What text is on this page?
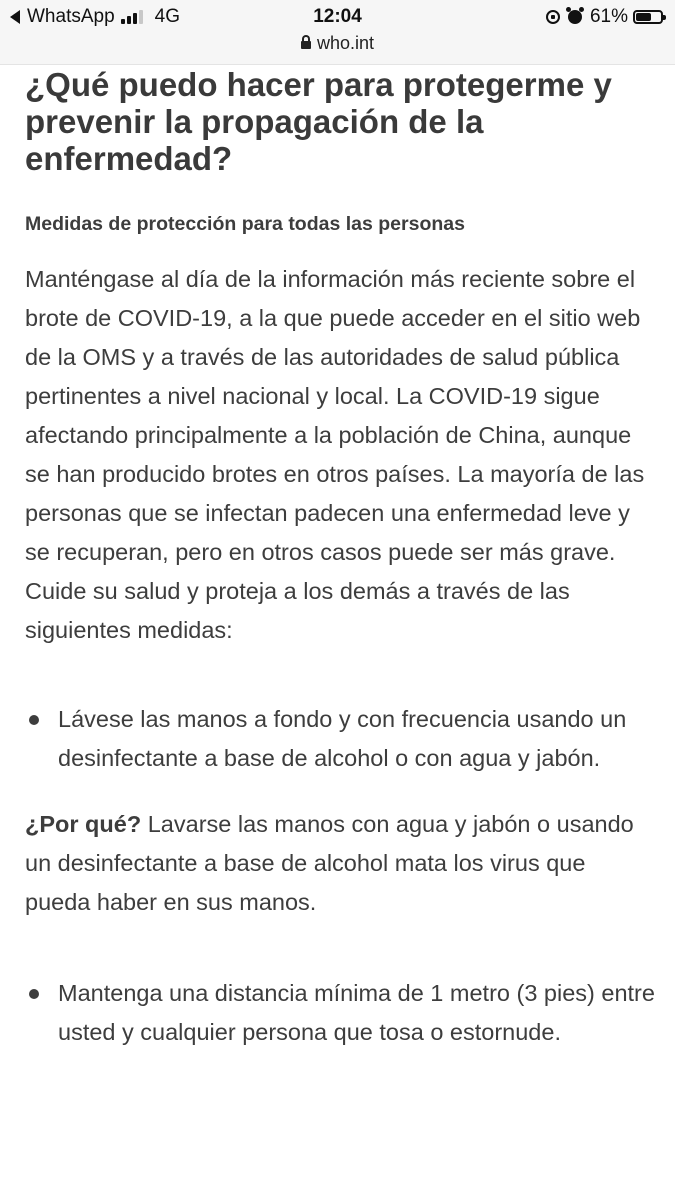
WhatsApp 4G	12:04	61%
who.int
¿Qué puedo hacer para protegerme y prevenir la propagación de la enfermedad?

Medidas de protección para todas las personas

Manténgase al día de la información más reciente sobre el brote de COVID-19, a la que puede acceder en el sitio web de la OMS y a través de las autoridades de salud pública pertinentes a nivel nacional y local. La COVID-19 sigue afectando principalmente a la población de China, aunque se han producido brotes en otros países. La mayoría de las personas que se infectan padecen una enfermedad leve y se recuperan, pero en otros casos puede ser más grave. Cuide su salud y proteja a los demás a través de las siguientes medidas:

Lávese las manos a fondo y con frecuencia usando un desinfectante a base de alcohol o con agua y jabón.

¿Por qué? Lavarse las manos con agua y jabón o usando un desinfectante a base de alcohol mata los virus que pueda haber en sus manos.

Mantenga una distancia mínima de 1 metro (3 pies) entre usted y cualquier persona que tosa o estornude.
